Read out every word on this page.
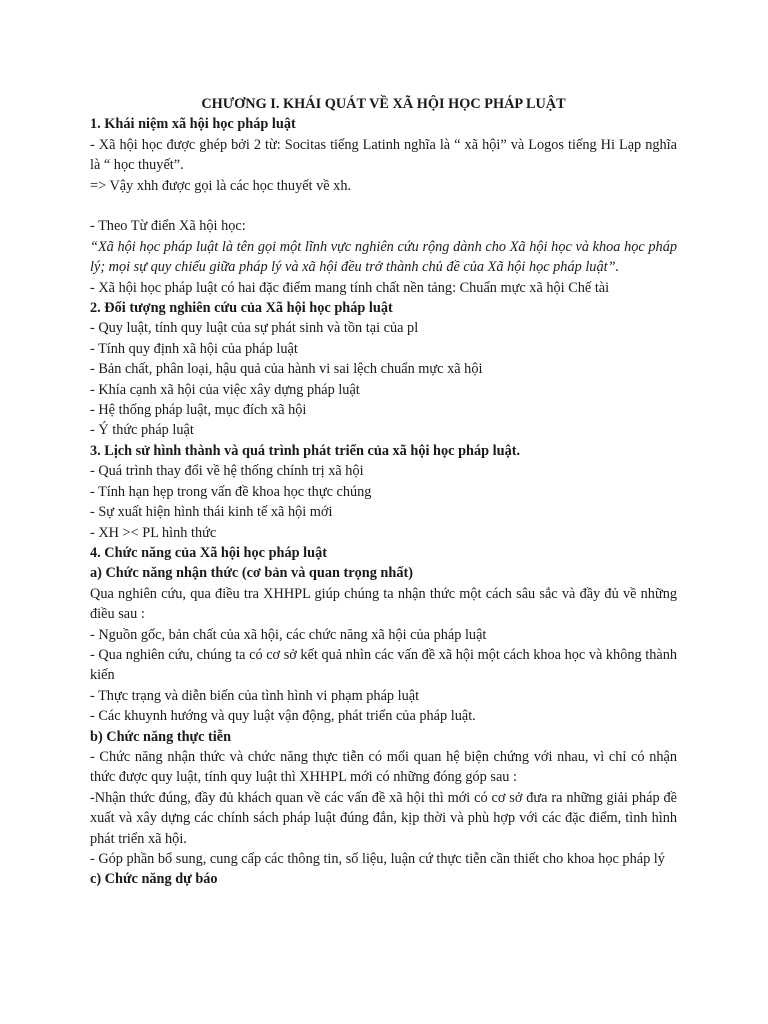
CHƯƠNG I. KHÁI QUÁT VỀ XÃ HỘI HỌC PHÁP LUẬT

1. Khái niệm xã hội học pháp luật

- Xã hội học được ghép bởi 2 từ: Socitas tiếng Latinh nghĩa là “ xã hội” và Logos tiếng Hi Lạp nghĩa là “ học thuyết”.

=> Vậy xhh được gọi là các học thuyết về xh.

- Theo Từ điển Xã hội học:

“Xã hội học pháp luật là tên gọi một lĩnh vực nghiên cứu rộng dành cho Xã hội học và khoa học pháp lý; mọi sự quy chiếu giữa pháp lý và xã hội đều trở thành chủ đề của Xã hội học pháp luật”.

- Xã hội học pháp luật có hai đặc điểm mang tính chất nền tảng: Chuẩn mực xã hội Chế tài

2. Đối tượng nghiên cứu của Xã hội học pháp luật

- Quy luật, tính quy luật của sự phát sinh và tồn tại của pl

- Tính quy định xã hội của pháp luật

- Bản chất, phân loại, hậu quả của hành vi sai lệch chuẩn mực xã hội

- Khía cạnh xã hội của việc xây dựng pháp luật

- Hệ thống pháp luật, mục đích xã hội

- Ý thức pháp luật

3. Lịch sử hình thành và quá trình phát triển của xã hội học pháp luật.

- Quá trình thay đổi về hệ thống chính trị xã hội

- Tính hạn hẹp trong vấn đề khoa học thực chúng

- Sự xuất hiện hình thái kinh tế xã hội mới

- XH >< PL hình thức

4. Chức năng của Xã hội học pháp luật

a) Chức năng nhận thức (cơ bản và quan trọng nhất)

Qua nghiên cứu, qua điều tra XHHPL giúp chúng ta nhận thức một cách sâu sắc và đầy đủ về những điều sau :

- Nguồn gốc, bản chất của xã hội, các chức năng xã hội của pháp luật

- Qua nghiên cứu, chúng ta có cơ sở kết quả nhìn các vấn đề xã hội một cách khoa học và không thành kiến

- Thực trạng và diễn biến của tình hình vi phạm pháp luật

- Các khuynh hướng và quy luật vận động, phát triển của pháp luật.

b) Chức năng thực tiễn

- Chức năng nhận thức và chức năng thực tiễn có mối quan hệ biện chứng với nhau, vì chỉ có nhận thức được quy luật, tính quy luật thì XHHPL mới có những đóng góp sau :

-Nhận thức đúng, đầy đủ khách quan về các vấn đề xã hội thì mới có cơ sở đưa ra những giải pháp đề xuất và xây dựng các chính sách pháp luật đúng đắn, kịp thời và phù hợp với các đặc điểm, tình hình phát triển xã hội.

- Góp phần bổ sung, cung cấp các thông tin, số liệu, luận cứ thực tiễn cần thiết cho khoa học pháp lý

c) Chức năng dự báo
